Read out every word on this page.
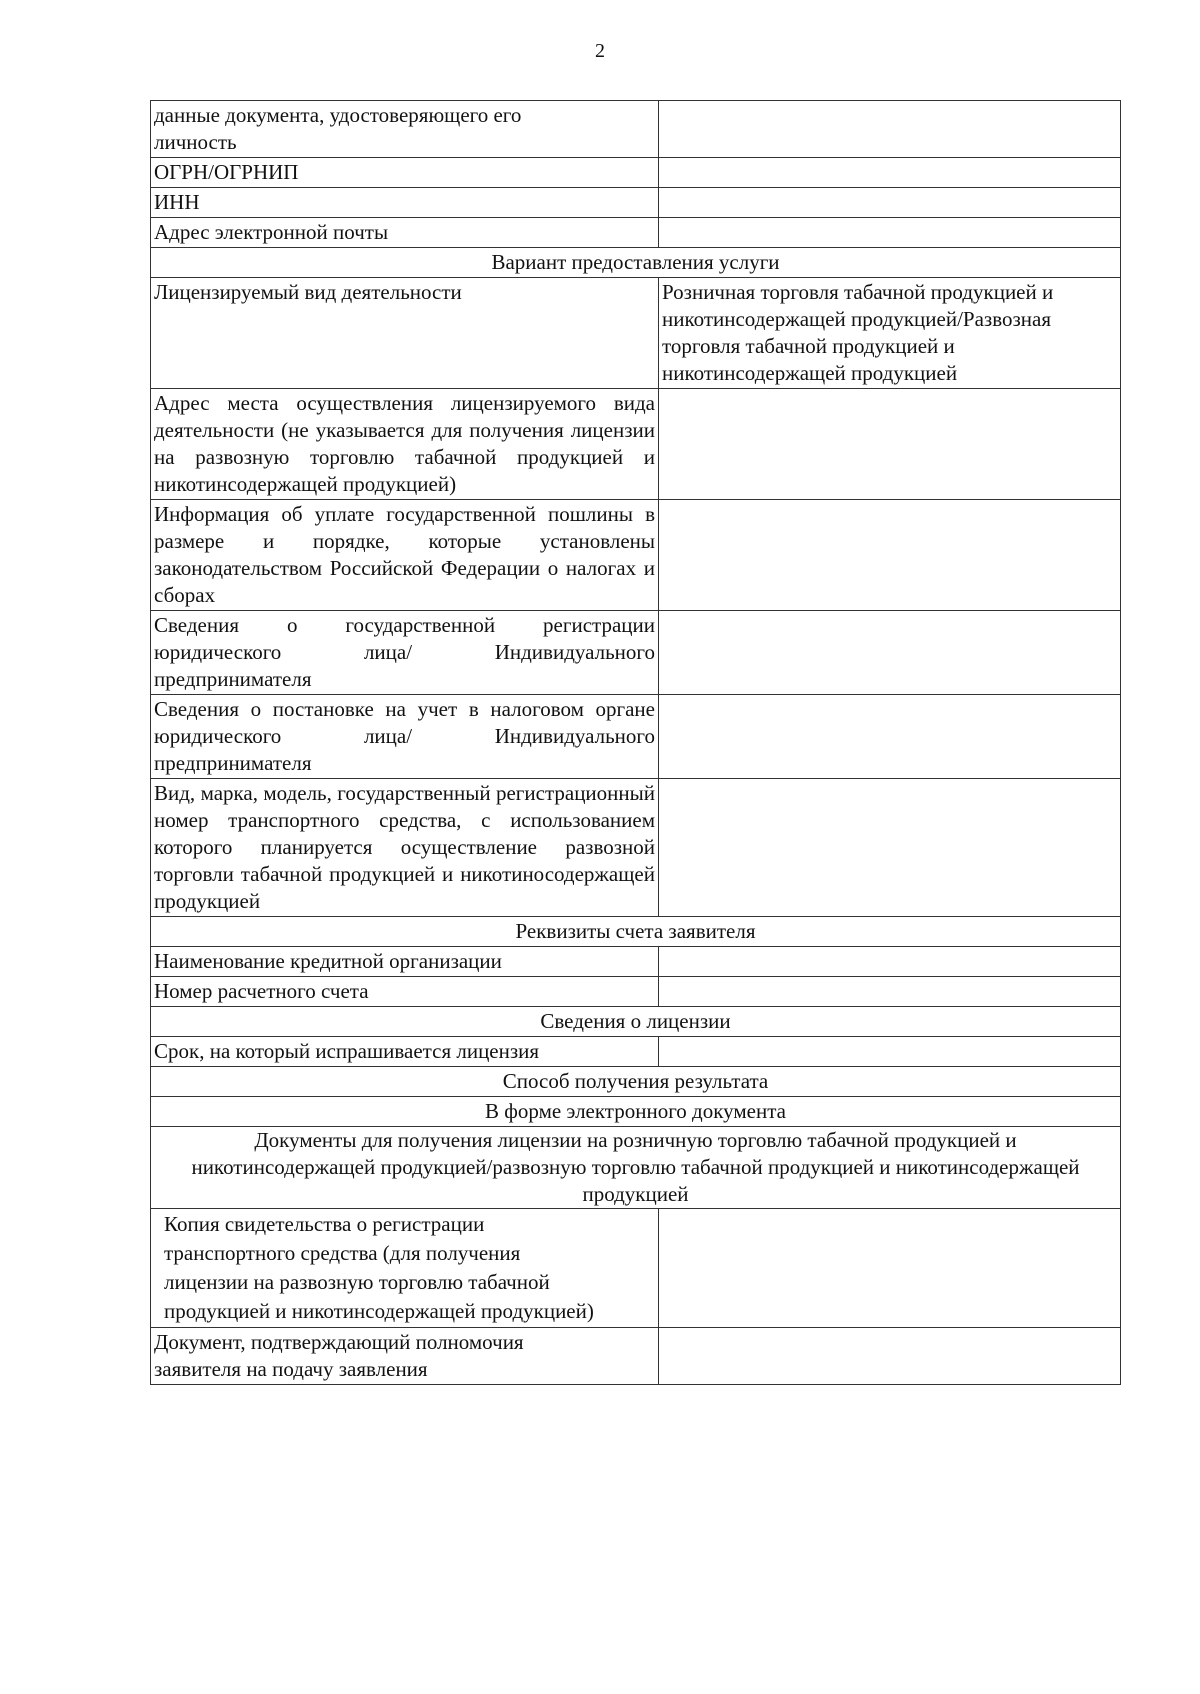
2
данные документа, удостоверяющего его личность	
ОГРН/ОГРНИП	
ИНН	
Адрес электронной почты	
Вариант предоставления услуги	
Лицензируемый вид деятельности	Розничная торговля табачной продукцией и никотинсодержащей продукцией/Развозная торговля табачной продукцией и никотинсодержащей продукцией
Адрес места осуществления лицензируемого вида деятельности (не указывается для получения лицензии на развозную торговлю табачной продукцией и никотинсодержащей продукцией)	
Информация об уплате государственной пошлины в размере и порядке, которые установлены законодательством Российской Федерации о налогах и сборах	
Сведения о государственной регистрации юридического лица/ Индивидуального предпринимателя	
Сведения о постановке на учет в налоговом органе юридического лица/ Индивидуального предпринимателя	
Вид, марка, модель, государственный регистрационный номер транспортного средства, с использованием которого планируется осуществление развозной торговли табачной продукцией и никотиносодержащей продукцией	
Реквизиты счета заявителя	
Наименование кредитной организации	
Номер расчетного счета	
Сведения о лицензии	
Срок, на который испрашивается лицензия	
Способ получения результата	
В форме электронного документа	
Документы для получения лицензии на розничную торговлю табачной продукцией и никотинсодержащей продукцией/развозную торговлю табачной продукцией и никотинсодержащей продукцией	
Копия свидетельства о регистрации транспортного средства (для получения лицензии на развозную торговлю табачной продукцией и никотинсодержащей продукцией)	
Документ, подтверждающий полномочия заявителя на подачу заявления	
